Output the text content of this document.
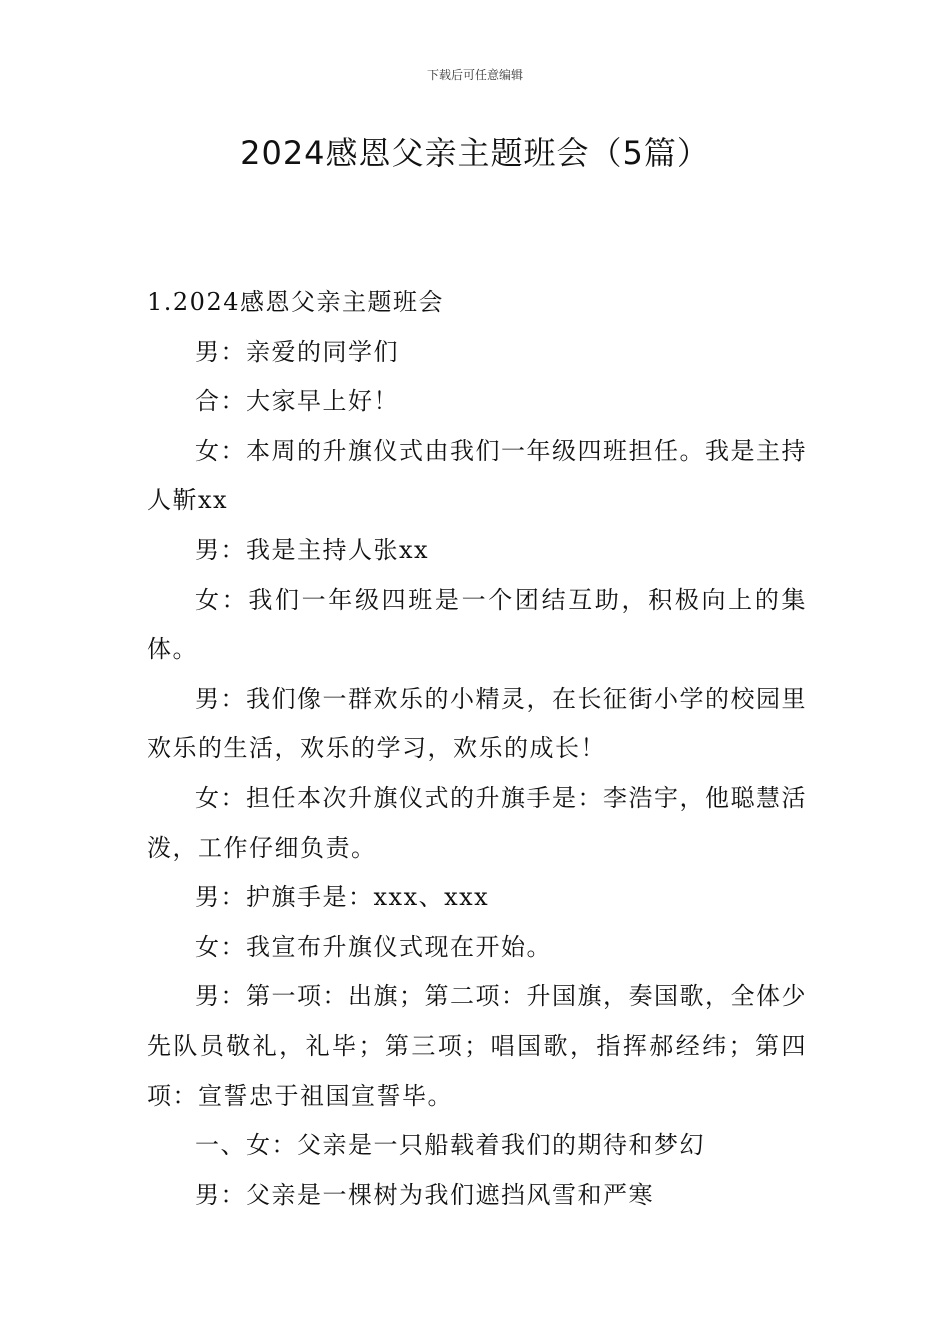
下载后可任意编辑
2024感恩父亲主题班会（5篇）

1.2024感恩父亲主题班会

男：亲爱的同学们

合：大家早上好！

女：本周的升旗仪式由我们一年级四班担任。我是主持人靳xx

男：我是主持人张xx

女：我们一年级四班是一个团结互助，积极向上的集体。

男：我们像一群欢乐的小精灵，在长征街小学的校园里欢乐的生活，欢乐的学习，欢乐的成长！

女：担任本次升旗仪式的升旗手是：李浩宇，他聪慧活泼，工作仔细负责。

男：护旗手是：xxx、xxx

女：我宣布升旗仪式现在开始。

男：第一项：出旗；第二项：升国旗，奏国歌，全体少先队员敬礼，礼毕；第三项；唱国歌，指挥郝经纬；第四项：宣誓忠于祖国宣誓毕。

一、女：父亲是一只船载着我们的期待和梦幻

男：父亲是一棵树为我们遮挡风雪和严寒
